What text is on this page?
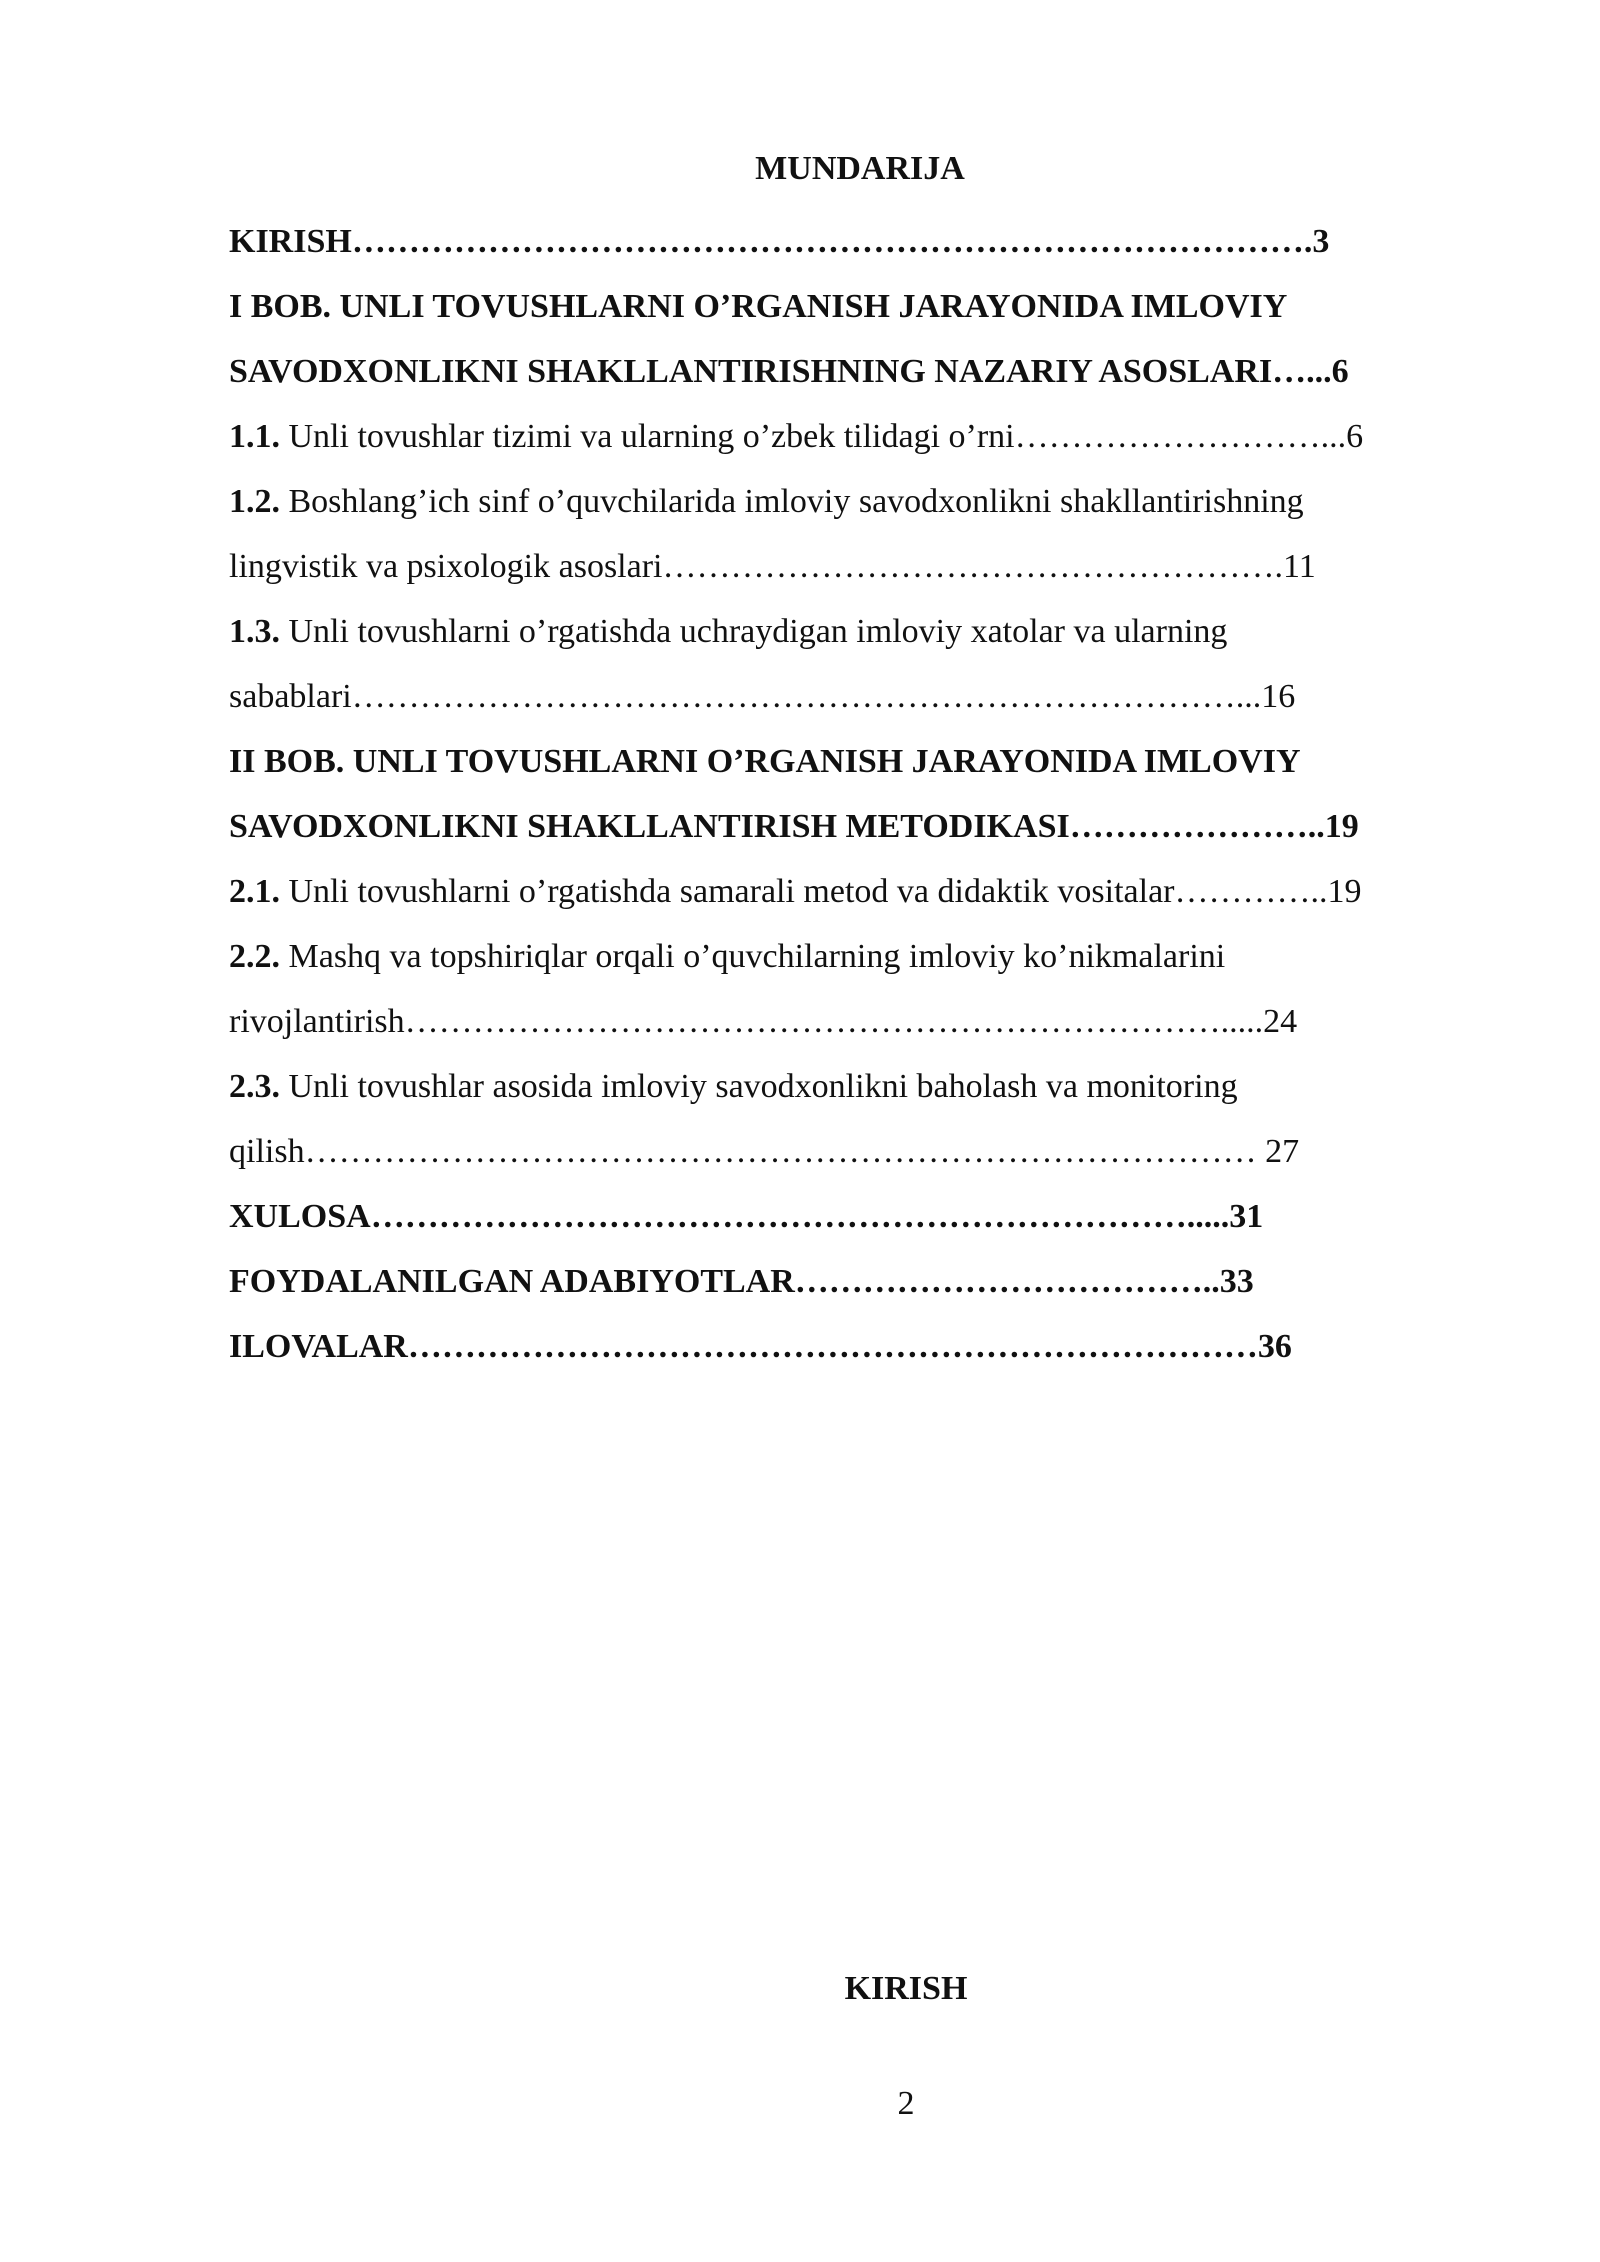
MUNDARIJA
KIRISH………………………………………………………………………….3
I BOB. UNLI TOVUSHLARNI O’RGANISH JARAYONIDA IMLOVIY
SAVODXONLIKNI SHAKLLANTIRISHNING NAZARIY ASOSLARI…...6
1.1. Unli tovushlar tizimi va ularning o’zbek tilidagi o’rni………………………...6
1.2. Boshlang’ich sinf o’quvchilarida imloviy savodxonlikni shakllantirishning
lingvistik va psixologik asoslari……………………………………………….11
1.3. Unli tovushlarni o’rgatishda uchraydigan imloviy xatolar va ularning
sabablari……………………………………………………………………...16
II BOB. UNLI TOVUSHLARNI O’RGANISH JARAYONIDA IMLOVIY
SAVODXONLIKNI SHAKLLANTIRISH METODIKASI…………………..19
2.1. Unli tovushlarni o’rgatishda samarali metod va didaktik vositalar…………..19
2.2. Mashq va topshiriqlar orqali o’quvchilarning imloviy ko’nikmalarini
rivojlantirish……………………………………………………………….....24
2.3. Unli tovushlar asosida imloviy savodxonlikni baholash va monitoring
qilish………………………………………………………………………… 27
XULOSA……………………………………………………………….....31
FOYDALANILGAN ADABIYOTLAR………………………………..33
ILOVALAR…………………………………………………………………36
KIRISH
2
